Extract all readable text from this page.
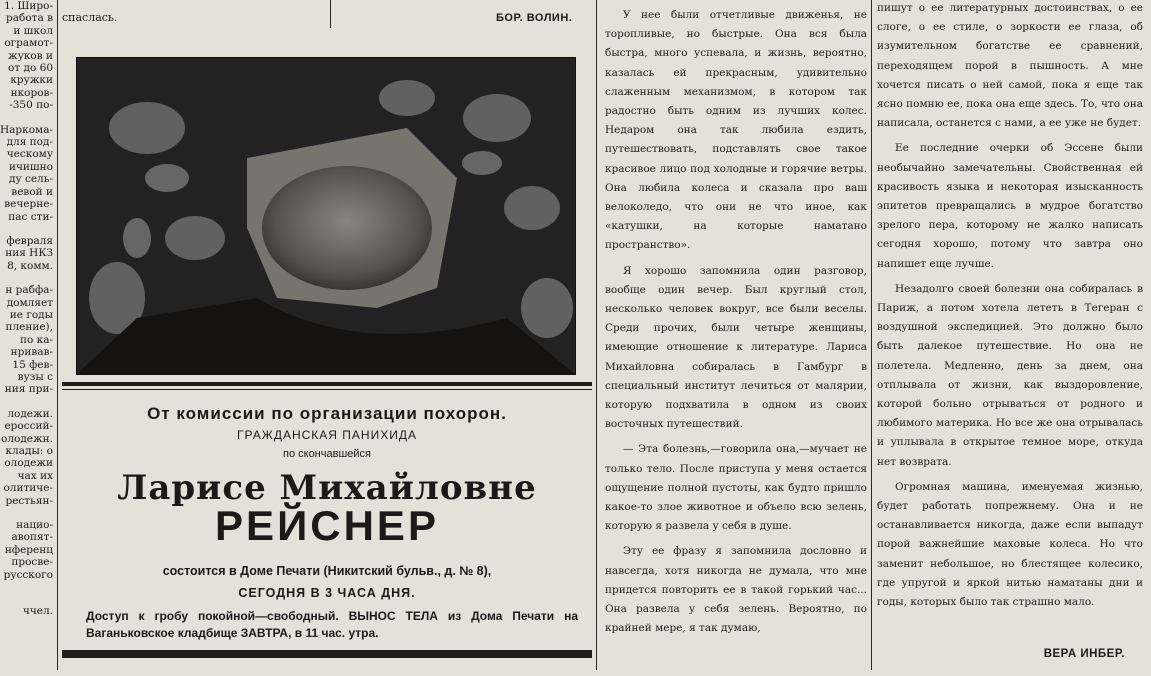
1. Шиpo-
работа в
и школ
ограмот-
жуков и
от до 60
кружки
нкоров-
-350 по-
Наркомa-
для под-
ческому
ичишно
ду сель-
вевой и
вечерне-
пас сти-
февраля
ния НКЗ
8, комм.
н рабфа-
домляет
ие годы
пление),
по ка-
нривав-
15 фев-
вузы с
ния при-
лодежи.
еросcий-
олодежн.
клады: о
олодежи
чах их
олитиче-
рестьян-
нацио-
авопят-
нференц
просве-
русского
ччел.
спаслась.	БОР. ВОЛИН.
От комиссии по организации похорон.
ГРАЖДАНСКАЯ ПАНИХИДА
по скончавшейся
Ларисе Михайловне
РЕЙСНЕР
состоится в Доме Печати (Никитский бульв., д. № 8),
СЕГОДНЯ В 3 ЧАСА ДНЯ.
Доступ к гробу покойной—свободный. ВЫНОС ТЕЛА из Дома Печати на Ваганьковское кладбище ЗАВТРА, в 11 час. утра.

У нее были отчетливые движенья, не торопливые, но быстрые. Она вся была быстра, много успевала, и жизнь, вероятно, казалась ей прекрасным, удивительно слаженным механизмом, в котором так радостно быть одним из лучших колес. Недаром она так любила ездить, путешествовать, подставлять свое такое красивое лицо под холодные и горячие ветры. Она любила колеса и сказала про ваш велоколедо, что они не что иное, как «катушки, на которые наматано пространство».

Я хорошо запомнила один разговор, вообще один вечер. Был круглый стол, несколько человек вокруг, все были веселы. Среди прочих, были четыре женщины, имеющие отношение к литературе. Лариса Михайловна собиралась в Гамбург в специальный институт лечиться от малярии, которую подхватила в одном из своих восточных путешествий.

— Эта болезнь,—говорила она,—мучает не только тело. После приступа у меня остается ощущение полной пустоты, как будто пришло какое-то злое животное и объело всю зелень, которую я развела у себя в душе.

Эту ее фразу я запомнила дословно и навсегда, хотя никогда не думала, что мне придется повторить ее в такой горький час... Она развела у себя зелень. Вероятно, по крайней мере, я так думаю,

пишут о ее литературных достоинствах, о ее слоге, о ее стиле, о зоркости ее глаза, об изумительном богатстве ее сравнений, переходящем порой в пышность. А мне хочется писать о ней самой, пока я еще так ясно помню ее, пока она еще здесь. То, что она написала, останется с нами, а ее уже не будет.

Ее последние очерки об Эссене были необычайно замечательны. Свойственная ей красивость языка и некоторая изысканность эпитетов превращались в мудрое богатство зрелого пера, которому не жалко написать сегодня хорошо, потому что завтра оно напишет еще лучше.

Незадолго своей болезни она собиралась в Париж, а потом хотела лететь в Тегеран с воздушной экспедицией. Это должно было быть далекое путешествие. Но она не полетела. Медленно, день за днем, она отплывала от жизни, как выздоровление, которой больно отрываться от родного и любимого материка. Но все же она отрывалась и уплывала в открытое темное море, откуда нет возврата.

Огромная машина, именуемая жизнью, будет работать попрежнему. Она и не останавливается никогда, даже если выпадут порой важнейшие маховые колеса. Но что заменит небольшое, но блестящее колесико, где упругой и яркой нитью наматаны дни и годы, которых было так страшно мало.

ВЕРА ИНБЕР.
